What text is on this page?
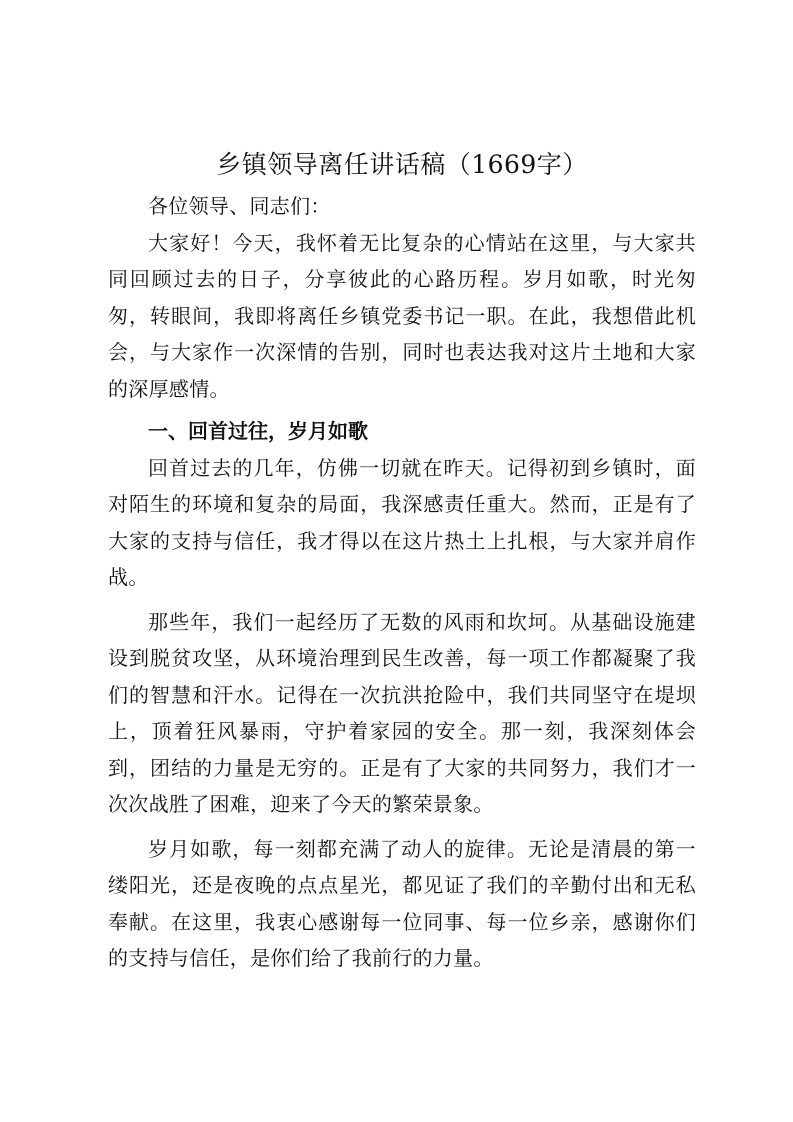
乡镇领导离任讲话稿（1669字）

各位领导、同志们：

大家好！今天，我怀着无比复杂的心情站在这里，与大家共同回顾过去的日子，分享彼此的心路历程。岁月如歌，时光匆匆，转眼间，我即将离任乡镇党委书记一职。在此，我想借此机会，与大家作一次深情的告别，同时也表达我对这片土地和大家的深厚感情。

一、回首过往，岁月如歌

回首过去的几年，仿佛一切就在昨天。记得初到乡镇时，面对陌生的环境和复杂的局面，我深感责任重大。然而，正是有了大家的支持与信任，我才得以在这片热土上扎根，与大家并肩作战。

那些年，我们一起经历了无数的风雨和坎坷。从基础设施建设到脱贫攻坚，从环境治理到民生改善，每一项工作都凝聚了我们的智慧和汗水。记得在一次抗洪抢险中，我们共同坚守在堤坝上，顶着狂风暴雨，守护着家园的安全。那一刻，我深刻体会到，团结的力量是无穷的。正是有了大家的共同努力，我们才一次次战胜了困难，迎来了今天的繁荣景象。

岁月如歌，每一刻都充满了动人的旋律。无论是清晨的第一缕阳光，还是夜晚的点点星光，都见证了我们的辛勤付出和无私奉献。在这里，我衷心感谢每一位同事、每一位乡亲，感谢你们的支持与信任，是你们给了我前行的力量。
